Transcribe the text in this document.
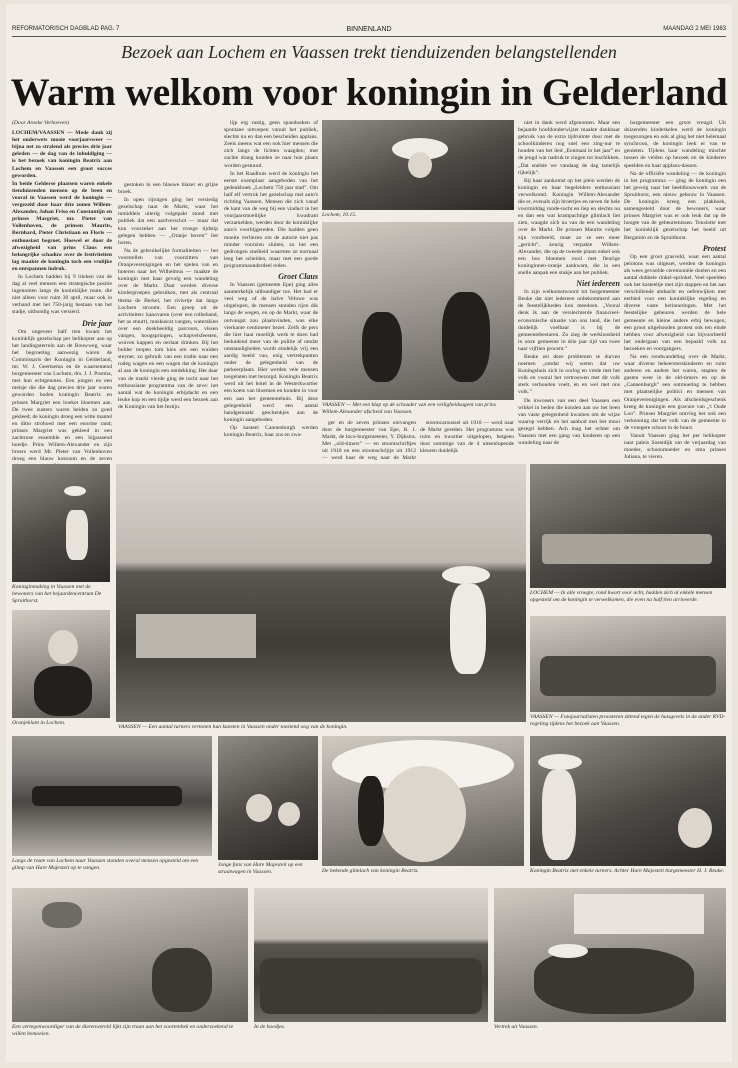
REFORMATORISCH DAGBLAD PAG. 7	BINNENLAND	MAANDAG 2 MEI 1983
Bezoek aan Lochem en Vaassen trekt tienduizenden belangstellenden
Warm welkom voor koningin in Gelderland

(Door Aroeke Verhoeven)

LOCHEM/VAASSEN — Mede dank zij het onderwets mooie voorjaarsweer — bijna net zo stralend als precies drie jaar geleden — de dag van de inhuldiging — is het bezoek van koningin Beatrix aan Lochem en Vaassen een groot succes geworden.

In beide Gelderse plaatsen waren enkele tienduizenden mensen op de been en vooral in Vaassen werd de koningin — vergezeld door haar drie zonen Willem-Alexander, Johan Friso en Constantijn en prinses Margriet, mr. Pieter van Vollenhoven, de prinsen Maurits, Bernhard, Pieter Christiaan en Floris — enthousiast begroet. Hoewel er door de afwezigheid van prins Claus een belangrijke schaduw over de festiviteiten lag maakte de koningin toch een vrolijke en ontspannen indruk.

In Lochem hadden bij 9 lrieken van de dag al veel mensen een strategische positie ingenomen langs de koninklijke route, die niet alleen voor ruim 30 april, maar ook in verband met het 750-jarig bestaan van het stadje, uitbundig was versierd.

Drie jaar

Om ongeveer half tien kwam het koninklijk gezelschap per helikopter aan op het landingsterrein aan de Bouwweg, waar het begroeting aanwezig waren de Commissaris der Koningin in Gelderland, mr. W. J. Geertsema en de waarnemend burgemeester van Lochem, drs. J. J. Postma, met hun echtgenotes. Een jongen en een meisje die die dag precies drie jaar waren geworden boden koningin Beatrix en prinses Margriet een boeket bloemen aan. De twee zusters waren beiden zo goed gekleed; de koningin droeg een witte mantel en ditto strohoed met een enorme rand; prinses Margriet was gekleed in een zachtrose ensemble en een bijpassend hoedje. Prins Willem-Alexander en zijn broers werd Mr. Pieter van Vollenhoven droeg een blauw kostuum en de zeven

gestoken in een blauwe blazer en grijze broek.

In open rijtuigen ging het versiedig gezelschap naar de Markt, waar het inmiddels uiterig volgepakt stond met publiek dat een aardverschot — maar dat kun voorzeker aan het vroege tijdstip gelegen hebben — „Oranje boven” liet horen.

Na de gebruikelijke formaliteiten — het voorstellen van voorzitters van Oranjeverenigingen en het spelen van en hoteren naar het Wilhelmus — maakte de koningin met haar gevolg een wandeling over de Markt. Daar werden diverse kindergroepen gebruiken, met als centraal thema de Berkel, het riviertje dat langs Lochem stroomt. Een groep uit de activiteiten: kanovaren (over een rolbeband, het as stuurt), muskusrat vangen, waterskien over een doekbeeldig parcours, vissen vangen, hoogspringen, schapvelsfeesten, wuiven kappen en oerlaat drinken. Bij het bolder mopen tom kies om een wuiden steyner, zo gebruik van een tradie naar een rodeg wagen en een wagen dat de koningin al aan de koningin een ontdekking. Het daar van de markt vierde ging de tocht naar het enthousiaste programma van de zeve: het aantal wat de koningin erbijdacht en een leuke kop en een tijdje werd een bezoek aan de Koningin van het festijn.

lijp erg rustig, geen spandoeken of spontane uitroepen vanuit het publiek, slechts nu en dan een bescheiden applaus. Zeels ineens wat een ook hier mensen die zich langs de lichten waagden; met zachte drang konden ze naar hun plaats worden gestuurd.

In het Raadhuis werd de koningin het eerste exemplaar aangeboden van het gedenkboek „Lochem 750 jaar stad”. Om half elf vertrok het gezelschap met auto's richting Vaassen. Mensen die zich vanaf de kant van de weg bij een viaduct in het voorjaarsmoeilijke kwadrant verzamelden, werden door de koninklijke auto's voorbijgereden. Die hadden geen moeite verliezen om de autorie niet pas minder voorzien sluiten, zo het een gedrongen snelheid waarmee ze normaal leeg het scheiden, maar met een goede programmaonderdeel reden.

Groet Claus

In Vaassen (gemeente Epe) ging alles aanmerkelijk uitbundiger toe. Het had er veel weg of de halve Veluwe was uitgelopen, de mensen stonden rijen dik langs de wegen, en op de Markt, waar de ontvangst zou plaatsvinden, was elke vierkante centimeter bezet. Zelfs de pers die hier haar moeilijk werk te doen had beduidend meer van de politie af omdat omstandigheden wordt eindelijk vrij een aardig beeld van, enig vertrekpunten onder de gelegenheid van de parkeerplaats. Hier werden vele mensen toegelaten met bezorgd. Koningin Beatrix werd uit het hotel in de Westerkwartier een koets van bloemen en konden in voor een aan het gemeentehuis. Bij deze gelegenheid werd een aantal handgemaakt geschenkjes aan de koningin aangeboden.

Op kasteel Cannenburgh werden koningin Beatrix, haar zus en zwa-

Lochem, 10.15.
VAASSEN — Met een klap op de schouder van een veiligheidsagent van prins Willem-Alexander afscheid van Vaassen.

ger en de zeven prinsen ontvangen door de burgemeester van Epe, R. J. Markt, de loco-burgemeester, Y. Dijkstra. Met „old-timers” — en stoomschriftjes uit 1910 en een stoomschrijtje uit 1912 — werd haar de weg naar de Markt

stoomcaroussel uit 1910 — werd naar de Markt gereden. Het programma was ruim en kwartier uitgelopen, hetgeen door sommige van de d uiteenlopende kleuren duidelijk

niet in dank werd afgenomen. Maar een bejaarde hoofdonderwijzer maakte dankbaar gebruik van de extra tijdruimte door met de schoolkinderen nog snel een zing-uur te houden van het lied „Eenmaal in het jaar” en de jeugd wat nadruk te zingen tot inschikken. „Dat snelste we vandaag de dag tamelijk rijkelijk”.

Bij haar aankomst op het plein werden de koningin en haar begeleiders enthousiast verwelkomd. Koningin Willem-Alexander die er, evenals zijn broertjes en neven de hele voormiddag ronde-tocht en liep en slechts nu en dan een wat krampachtige glimlach liet zien, waagde zich na van de een wandeling over de Markt. De prinsen Maurits volgde zijn voorbeeld, maar zo ze een meer „gericht”, keurig verpakte Willem-Alexander, die op de tweede plaats enkel ook een bos bloemen rood met fleurige koninginnen-oranje aankwam, die in een snelle aanpak een stukje aan het publiek.

Niet iedereen

In zijn welkomstwoord tot burgemeester Beuke dat niet iedereen onbekommerd aan de feestelijkheden kon meedoen. „Vooral denk ik aan de verslechterde financieel-economische situatie van ons land, die het duidelijk voelbaar is bij de gemeentebesturen. Zo zieg de werkloosheid in onze gemeente in drie jaar tijd van twee naar vijftien procent.”

Beuke zei deze problemen te durven noemen „omdat wij weten dat uw Koningshuis zich in oorlog en vrede met het volk en vooral het vertrouwen met dit volk sterk verbonden voelt, en en wel met ons volk.”

De inwoners van een deel Vaassen een wikkel in beden die konden aan uw het been van vaste gelegenheid kwamen om de wijze waarop verrijk en het aanbod met het mooi gezegd hebben. Ach mag het echter om Vaassen met een gang van kinderen op een wandeling naar de

burgemeester een groot vreugd. Uit duizenden kinderkelen werd de koningin toegezongen en ook al ging het niet helemaal synchroon, de koningin leek er van te genieten. Tijdens haar wandeling mischte tussen de velden op bezoek en de kinderen speelden en haar applaus-dassen.

Na de officiële wandeling — de koningin in het programma — ging de koningin een het gevolg naar het beeldhouwwerk van de Spruithorst, een nieuw gebouw in Vaassen. De koningin kreeg een plakboek, samengesteld door de bewoners, waar prinses Margriet was er ook leuk dat op de hoogte van de gebeurtenissen. Tenslotte met het koninklijk gezelschap het beeld uit Bergamin en de Spruithorst.

Protest

Op een groot grasveld, waar een aantal pelotons was uitgezet, werden de koningin als wees gevoelde ceremoniële doelen en een aantal dubbele rinkel-sprinkel. Veel speelden ook het kasteeltje met zijn stappen en het aan verschillende ambacht en oefenwijken met eerbied voor een koninklijke regeling en diverse vaste herinneringen. Met het feestelijke gebeuren werden de hele gemeente en kleine andere erbij bewogen; een groot uitgehouden protest ook ten einde hebben voor afwezigheid van bijvoorbeeld het ondergaan van een bepaald volk na bezoeken en voorgangers.

Na een rondwandeling over de Markt, waar diverse beheersterskinderen en ruim anderen en andere het waren, stapten de gasten weer in de old-timers en op de „Cannenburgh” een ontmoeting te hebben met plaatselijke politici en mensen van Oranjeverenigingen. Als afscheidsgeschenk kreeg de koningin een gravure van „'t Oude Loo”. Prinses Margriet ontving het ook een verkenning dat het volk van de gemeente in de vroegere schoot in de buurt.

Vanuit Vaassen ging het per helikopter naar paleis Soestdijk om de verjaardag van moeder, schoonmoeder en oma prinses Juliana, te vieren.

Koninginmaking in Vaassen met de bewoners van het bejaardencentrum De Spruithorst.
LOCHEM — In alle vroegte, rond kwart voor acht, hadden zich al enkele mensen opgesteld om de koningin te verwelkomen, die even na half tien arriveerde.
Oranjeklant in Lochem.
VAASSEN — Een aantal turners vertonen hun kunsten in Vaassen onder toeziend oog van de koningin.
VAASSEN — Fotojournalisten proosteren zittend tegen de huisgevels in de ander RVD-regeling tijdens het bezoek aan Vaassen.
Langs de route van Lochem naar Vaassen stonden overal mensen opgesteld om een glimp van Hare Majesteit op te vangen.	Jonge fans van Hare Majesteit op een straatwagen in Vaassen.	De bekende glimlach van koningin Beatrix.	Koningin Beatrix met enkele turners. Achter Hare Majesteit burgemeester H. J. Beuke.
Een vertegenwoordiger van de dierenwereld lijkt zijn traan aan het voortenhek en onderzoekend te willen bemoeien.
In de hoedjes.	Vertrek uit Vaassen.
